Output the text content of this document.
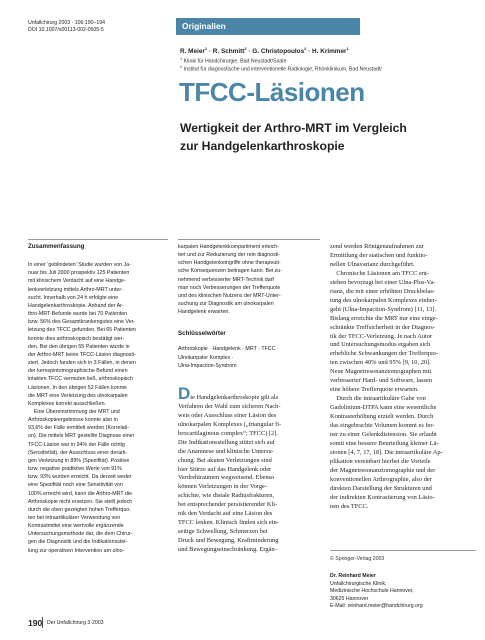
Unfallchirurg 2003 · 106:190–194
DOI 10.1007/s00113-002-0505-5	Originalien
R. Meier$^1$ · R. Schmitt$^2$ · G. Christopoulos$^2$ · H. Krimmer$^1$
$^1$ Klinik für Handchirurgie, Bad Neustadt/Saale
$^2$ Institut für diagnostische und interventionelle Radiologie, Rhönklinikum, Bad Neustadt/
TFCC-Läsionen
Wertigkeit der Arthro-MRT im Vergleich
zur Handgelenkarthroskopie
Zusammenfassung
In einer ‘geblindeten’ Studie wurden von Ja-
nuar bis Juli 2000 prospektiv 125 Patienten
mit klinischem Verdacht auf eine Handge-
lenkverletzung mittels Arthro-MRT unter-
sucht. Innerhalb von 24 h erfolgte eine
Handgelenkarthroskopie. Anhand der Ar-
thro-MRT-Befunde wurde bei 70 Patienten
bzw. 56% des Gesamtkrankengutes eine Ver-
letzung des TFCC gefunden. Bei 65 Patienten
konnte dies arthroskopisch bestätigt wer-
den. Bei den übrigen 55 Patienten wurde in
der Arthro-MRT keine TFCC-Läsion diagnosti-
ziert. Jedoch fanden sich in 3 Fällen, in denen
der kernspintomographische Befund einen
intakten TFCC vermuten ließ, arthroskopisch
Läsionen. In den übrigen 52 Fällen konnte
die MRT eine Verletzung des ulnokarpalen
Komplexes korrekt ausschließen.
Eine Übereinstimmung der MRT und
Arthroskopieergebnisse konnte also in
93,6% der Fälle ermittelt werden (Korrelati-
on). Die mittels MRT gestellte Diagnose einer
TFCC-Läsion war in 94% der Fälle richtig
(Sensitivität), der Ausschluss einer derarti-
gen Verletzung in 89% (Spezifität). Positive
bzw. negative prädiktive Werte von 91%
bzw. 93% wurden erreicht. Da derzeit weder
eine Spezifität noch eine Sensitivität von
100% erreicht wird, kann die Arthro-MRT die
Arthroskopie nicht ersetzen. Sie stellt jedoch
durch die oben gezeigten hohen Trefferquo-
ten bei intraartikulärer Verwendung von
Kontrastmittel eine wertvolle ergänzende
Untersuchungsmethode dar, die dem Chirur-
gen die Diagnostik und die Indikationsstel-
lung zur operativen Intervention am ulno-
karpalen Handgelenkkompartiment erleich-
tert und zur Reduzierung der rein diagnosti-
schen Handgelenkeingriffe ohne therapeuti-
sche Konsequenzen beitragen kann. Bei zu-
nehmend verbesserter MRT-Technik darf
man noch Verbesserungen der Trefferquote
und des klinischen Nutzens der MRT-Unter-
suchung zur Diagnostik am ulnokarpalen
Handgelenk erwarten.
Schlüsselwörter
Arthroskopie · Handgelenk · MRT · TFCC ·
Ulnokarpaler Komplex ·
Ulna-Impaction-Syndrom
Die Handgelenkarthroskopie gilt als
Verfahren der Wahl zum sicheren Nach-
weis oder Ausschluss einer Läsion des
ulnokarpalen Komplexes („triangular fi-
brocartilaginous complex“; TFCC) [2].
Die Indikationsstellung stützt sich auf
die Anamnese und klinische Untersu-
chung. Bei akuten Verletzungen sind
hier Stürze auf das Handgelenk oder
Verdrehtraumen wegweisend. Ebenso
können Verletzungen in der Vorge-
schichte, wie distale Radiusfrakturen,
bei entsprechender persistierender Kli-
nik den Verdacht auf eine Läsion des
TFCC lenken. Klinisch finden sich ein-
seitige Schwellung, Schmerzen bei
Druck und Bewegung, Kraftminderung
und Bewegungseinschränkung. Ergän-
zend werden Röntgenaufnahmen zur
Ermittlung der statischen und funktio-
nellen Ulnavarianz durchgeführt.
Chronische Läsionen am TFCC ent-
stehen bevorzugt bei einer Ulna-Plus-Va-
rianz, die mit einer erhöhten Druckbelas-
tung des ulnokarpalen Komplexes einher-
geht (Ulna-Impaction-Syndrom) [11, 13].
Bislang erreichte die MRT nur eine einge-
schränkte Treffsicherheit in der Diagnos-
tik der TFCC-Verletzung. Je nach Autor
und Untersuchungsmodus ergaben sich
erhebliche Schwankungen der Trefferquo-
ten zwischen 40% und 95% [9, 10, 20].
Neue Magnetresonanztomographen mit
verbesserter Hard- und Software, lassen
eine höhere Trefferquote erwarten.
Durch die intraartikuläre Gabe von
Gadolinium-DTPA kann eine wesentliche
Kontrasterhöhung erzielt werden. Durch
das eingebrachte Volumen kommt es fer-
ner zu einer Gelenkdistension. Sie erlaubt
somit eine bessere Beurteilung kleiner Lä-
sionen [4, 7, 17, 18]. Die intraartikuläre Ap-
plikation vereinbart hierbei die Vorteile
der Magnetresonanztomographie und der
konventionellen Arthrographie, also der
direkten Darstellung der Strukturen und
der indirekten Kontrastierung von Läsio-
nen des TFCC.
© Springer-Verlag 2003
Dr. Reinhard Meier
Unfallchirurgische Klinik,
Medizinische Hochschule Hannover,
30625 Hannover
E-Mail: reinhard.meier@handchirurg.org
190 Der Unfallchirurg 3·2003
